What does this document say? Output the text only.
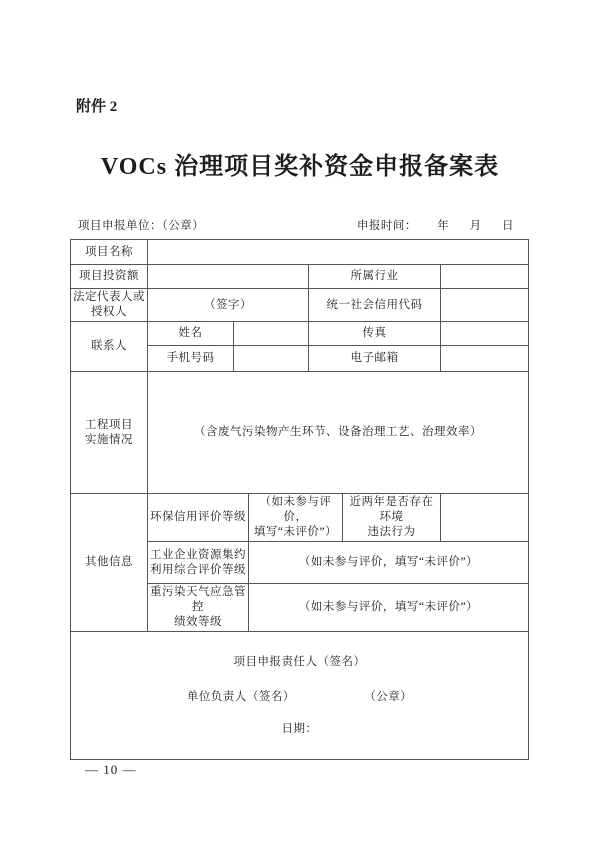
附件 2
VOCs 治理项目奖补资金申报备案表
项目申报单位：（公章）	申报时间： 年 月 日
项目名称						
项目投资额				所属行业		
法定代表人或
授权人	（签字）			统一社会信用代码		
联系人	姓名			传真		
	手机号码			电子邮箱		
工程项目
实施情况	（含废气污染物产生环节、设备治理工艺、治理效率）					
其他信息	环保信用评价等级		（如未参与评价，
填写“未评价”）		近两年是否存在环境
违法行为	
	工业企业资源集约
利用综合评价等级		（如未参与评价，填写“未评价”）			
	重污染天气应急管控
绩效等级		（如未参与评价，填写“未评价”）			

项目申报责任人（签名）
单位负责人（签名） （公章）
日期：						
— 10 —
